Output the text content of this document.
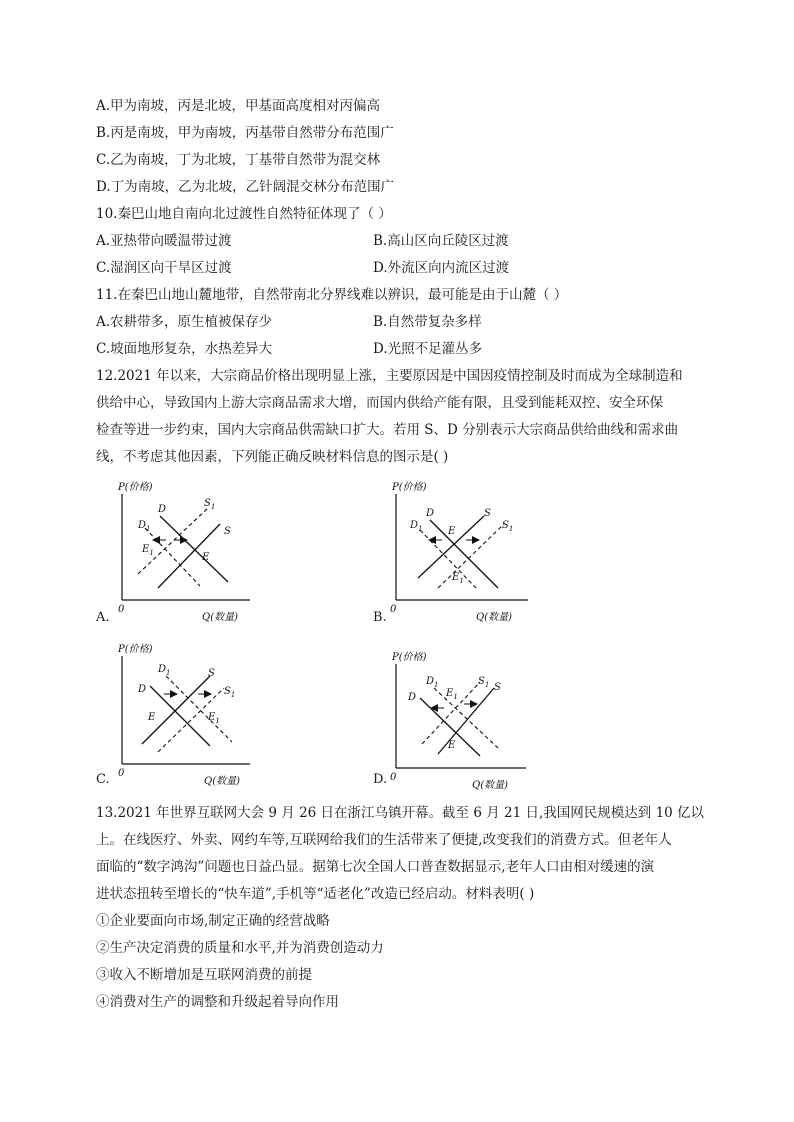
A.甲为南坡，丙是北坡，甲基面高度相对丙偏高
B.丙是南坡，甲为南坡，丙基带自然带分布范围广
C.乙为南坡，丁为北坡，丁基带自然带为混交林
D.丁为南坡，乙为北坡，乙针阔混交林分布范围广
10.秦巴山地自南向北过渡性自然特征体现了（ ）
A.亚热带向暖温带过渡	B.高山区向丘陵区过渡
C.湿润区向干旱区过渡	D.外流区向内流区过渡
11.在秦巴山地山麓地带，自然带南北分界线难以辨识，最可能是由于山麓（ ）
A.农耕带多，原生植被保存少	B.自然带复杂多样
C.坡面地形复杂，水热差异大	D.光照不足灌丛多
12.2021 年以来，大宗商品价格出现明显上涨，主要原因是中国因疫情控制及时而成为全球制造和
供给中心，导致国内上游大宗商品需求大增，而国内供给产能有限，且受到能耗双控、安全环保
检查等进一步约束，国内大宗商品供需缺口扩大。若用 S、D 分别表示大宗商品供给曲线和需求曲
线，不考虑其他因素，下列能正确反映材料信息的图示是( )
P(价格)
0
Q(数量)
D
$D_1$
$S_1$
S
$E_1$	E
A.
P(价格)
0
Q(数量)
D
$D_1$
S
$S_1$
E
$E_1$
B.
P(价格)
0
Q(数量)
D
$D_1$	S
$S_1$
E	$E_1$
C.
P(价格)
0
Q(数量)
D
$D_1$	$S_1$ S
$E_1$
E
D.
13.2021 年世界互联网大会 9 月 26 日在浙江乌镇开幕。截至 6 月 21 日,我国网民规模达到 10 亿以
上。在线医疗、外卖、网约车等,互联网给我们的生活带来了便捷,改变我们的消费方式。但老年人
面临的“数字鸿沟”问题也日益凸显。据第七次全国人口普查数据显示,老年人口由相对缓速的演
进状态扭转至增长的“快车道”,手机等“适老化”改造已经启动。材料表明( )
①企业要面向市场,制定正确的经营战略
②生产决定消费的质量和水平,并为消费创造动力
③收入不断增加是互联网消费的前提
④消费对生产的调整和升级起着导向作用
